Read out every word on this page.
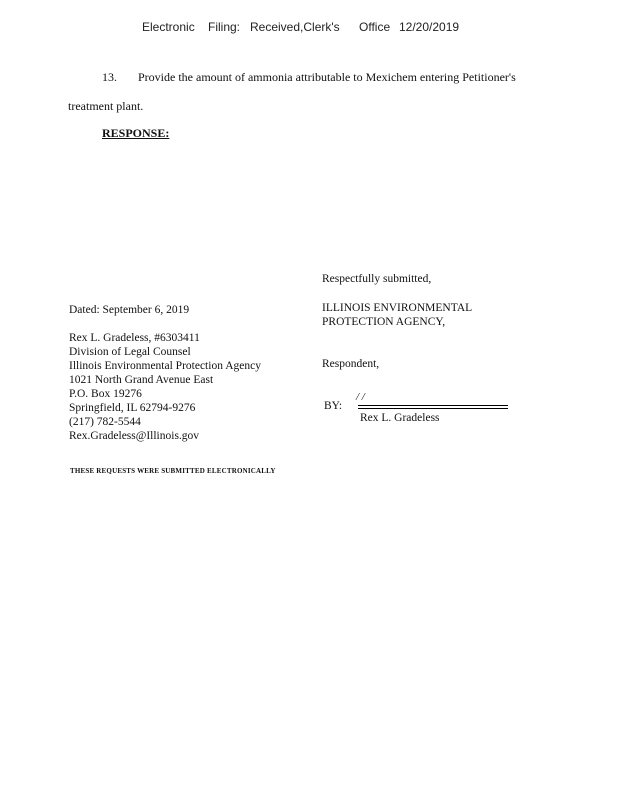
Electronic Filing: Received,Clerk's Office 12/20/2019
13. Provide the amount of ammonia attributable to Mexichem entering Petitioner's
treatment plant.
RESPONSE:
Respectfully submitted,
ILLINOIS ENVIRONMENTAL
PROTECTION AGENCY,
Respondent,
BY:
/ /
Rex L. Gradeless
Dated: September 6, 2019
Rex L. Gradeless, #6303411
Division of Legal Counsel
Illinois Environmental Protection Agency
1021 North Grand Avenue East
P.O. Box 19276
Springfield, IL 62794-9276
(217) 782-5544
Rex.Gradeless@Illinois.gov
THESE REQUESTS WERE SUBMITTED ELECTRONICALLY
